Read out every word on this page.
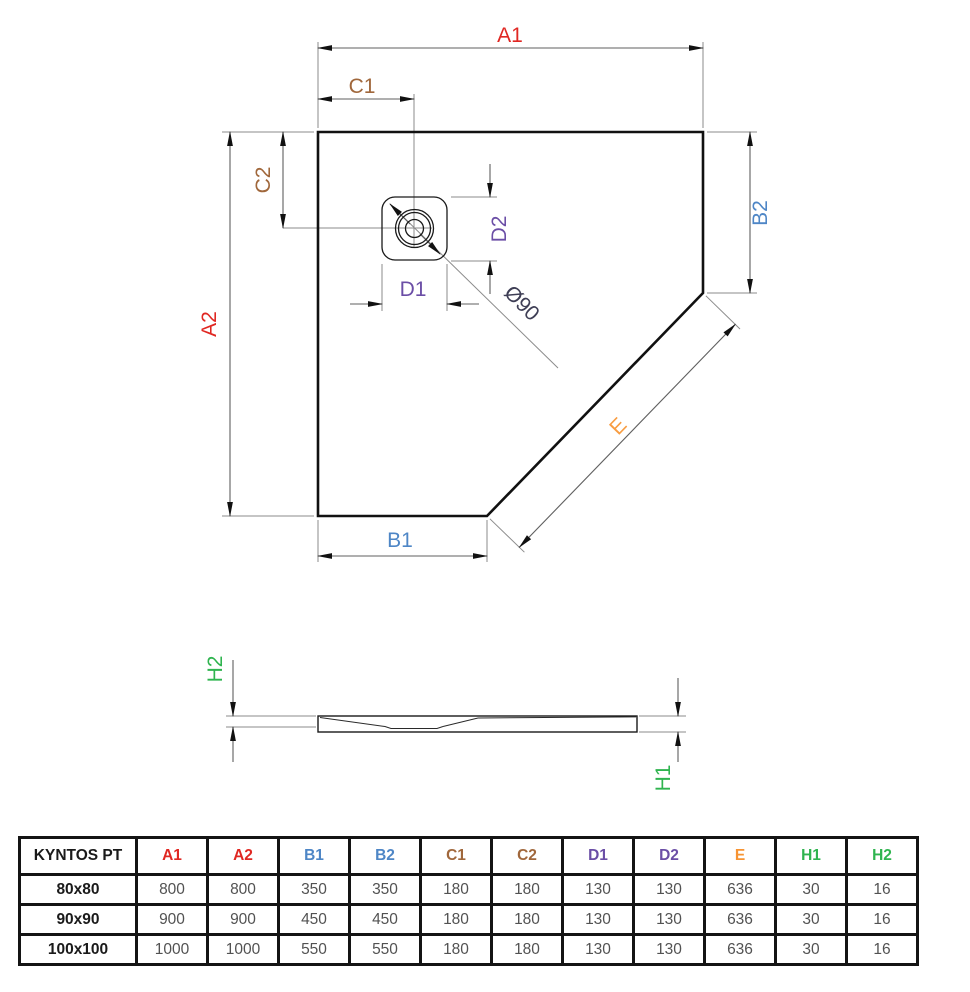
A1
C1
C2
A2
B2
D1
D2
Ø90
E
B1
H2
H1
KYNTOS PT	A1	A2	B1	B2	C1	C2	D1	D2	E	H1	H2
80x80	800	800	350	350	180	180	130	130	636	30	16
90x90	900	900	450	450	180	180	130	130	636	30	16
100x100	1000	1000	550	550	180	180	130	130	636	30	16
